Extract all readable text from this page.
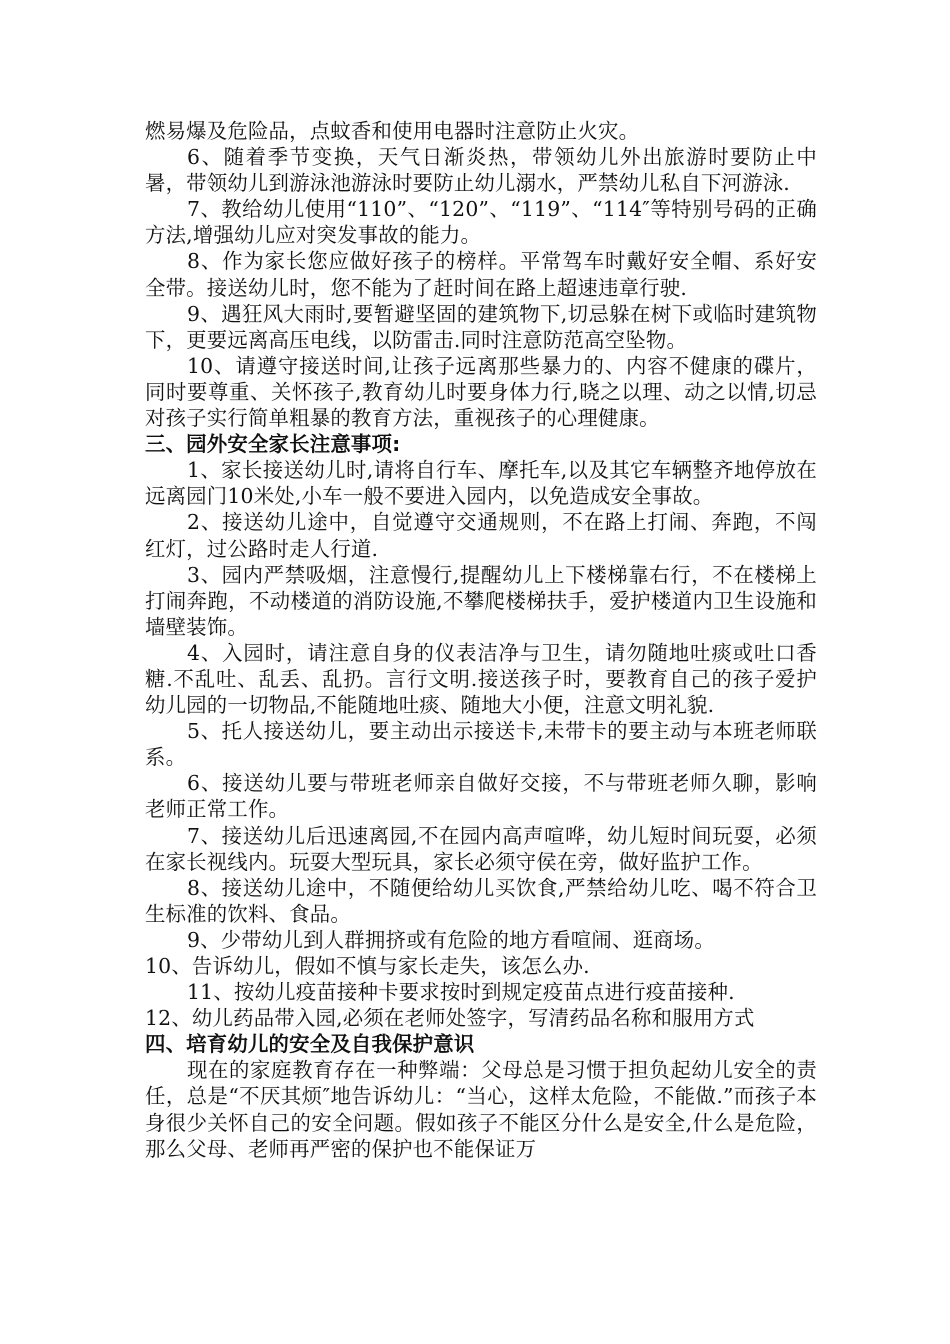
燃易爆及危险品，点蚊香和使用电器时注意防止火灾。

6、随着季节变换，天气日渐炎热，带领幼儿外出旅游时要防止中暑，带领幼儿到游泳池游泳时要防止幼儿溺水，严禁幼儿私自下河游泳.

7、教给幼儿使用“110”、“120”、“119”、“114″等特别号码的正确方法,增强幼儿应对突发事故的能力。

8、作为家长您应做好孩子的榜样。平常驾车时戴好安全帽、系好安全带。接送幼儿时，您不能为了赶时间在路上超速违章行驶.

9、遇狂风大雨时,要暂避坚固的建筑物下,切忌躲在树下或临时建筑物下，更要远离高压电线，以防雷击.同时注意防范高空坠物。

10、请遵守接送时间,让孩子远离那些暴力的、内容不健康的碟片，同时要尊重、关怀孩子,教育幼儿时要身体力行,晓之以理、动之以情,切忌对孩子实行简单粗暴的教育方法，重视孩子的心理健康。

三、园外安全家长注意事项:

1、家长接送幼儿时,请将自行车、摩托车,以及其它车辆整齐地停放在远离园门10米处,小车一般不要进入园内，以免造成安全事故。

2、接送幼儿途中，自觉遵守交通规则，不在路上打闹、奔跑，不闯红灯，过公路时走人行道.

3、园内严禁吸烟，注意慢行,提醒幼儿上下楼梯靠右行，不在楼梯上打闹奔跑，不动楼道的消防设施,不攀爬楼梯扶手，爱护楼道内卫生设施和墙壁装饰。

4、入园时，请注意自身的仪表洁净与卫生，请勿随地吐痰或吐口香糖.不乱吐、乱丢、乱扔。言行文明.接送孩子时，要教育自己的孩子爱护幼儿园的一切物品,不能随地吐痰、随地大小便，注意文明礼貌.

5、托人接送幼儿，要主动出示接送卡,未带卡的要主动与本班老师联系。

6、接送幼儿要与带班老师亲自做好交接，不与带班老师久聊，影响老师正常工作。

7、接送幼儿后迅速离园,不在园内高声喧哗，幼儿短时间玩耍，必须在家长视线内。玩耍大型玩具，家长必须守侯在旁，做好监护工作。

8、接送幼儿途中，不随便给幼儿买饮食,严禁给幼儿吃、喝不符合卫生标准的饮料、食品。

9、少带幼儿到人群拥挤或有危险的地方看喧闹、逛商场。

10、告诉幼儿，假如不慎与家长走失，该怎么办.

11、按幼儿疫苗接种卡要求按时到规定疫苗点进行疫苗接种.

12、幼儿药品带入园,必须在老师处签字，写清药品名称和服用方式

四、培育幼儿的安全及自我保护意识

现在的家庭教育存在一种弊端：父母总是习惯于担负起幼儿安全的责任，总是“不厌其烦″地告诉幼儿：“当心，这样太危险，不能做.”而孩子本身很少关怀自己的安全问题。假如孩子不能区分什么是安全,什么是危险，那么父母、老师再严密的保护也不能保证万
